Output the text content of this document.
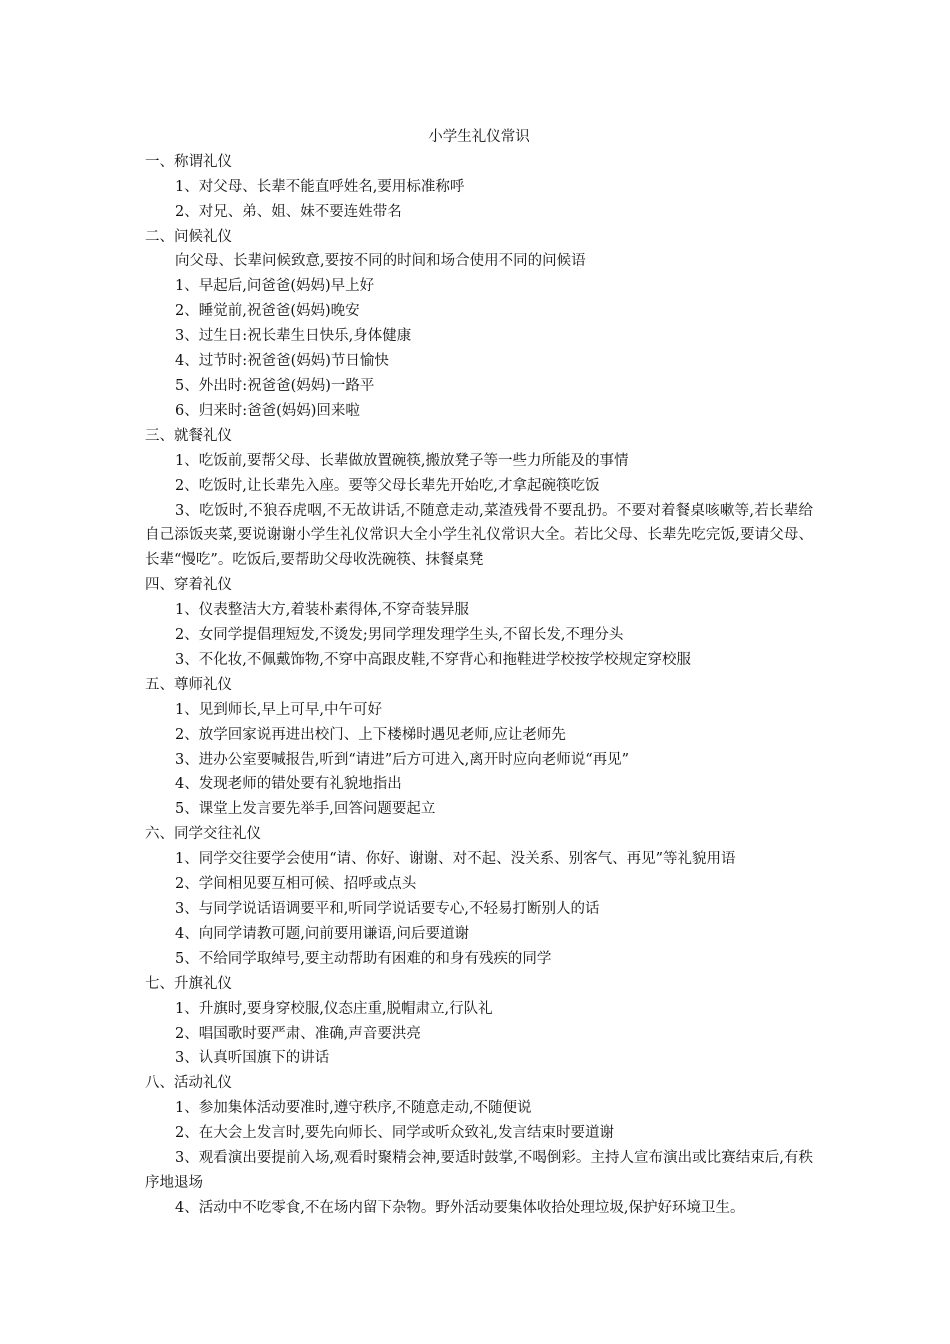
小学生礼仪常识
一、称谓礼仪

1、对父母、长辈不能直呼姓名,要用标准称呼

2、对兄、弟、姐、妹不要连姓带名

二、问候礼仪

向父母、长辈问候致意,要按不同的时间和场合使用不同的问候语

1、早起后,问爸爸(妈妈)早上好

2、睡觉前,祝爸爸(妈妈)晚安

3、过生日:祝长辈生日快乐,身体健康

4、过节时:祝爸爸(妈妈)节日愉快

5、外出时:祝爸爸(妈妈)一路平

6、归来时:爸爸(妈妈)回来啦

三、就餐礼仪

1、吃饭前,要帮父母、长辈做放置碗筷,搬放凳子等一些力所能及的事情

2、吃饭时,让长辈先入座。要等父母长辈先开始吃,才拿起碗筷吃饭

3、吃饭时,不狼吞虎咽,不无故讲话,不随意走动,菜渣残骨不要乱扔。不要对着餐桌咳嗽等,若长辈给自己添饭夹菜,要说谢谢小学生礼仪常识大全小学生礼仪常识大全。若比父母、长辈先吃完饭,要请父母、长辈“慢吃”。吃饭后,要帮助父母收洗碗筷、抹餐桌凳

四、穿着礼仪

1、仪表整洁大方,着装朴素得体,不穿奇装异服

2、女同学提倡理短发,不烫发;男同学理发理学生头,不留长发,不理分头

3、不化妆,不佩戴饰物,不穿中高跟皮鞋,不穿背心和拖鞋进学校按学校规定穿校服

五、尊师礼仪

1、见到师长,早上可早,中午可好

2、放学回家说再进出校门、上下楼梯时遇见老师,应让老师先

3、进办公室要喊报告,听到“请进”后方可进入,离开时应向老师说“再见”

4、发现老师的错处要有礼貌地指出

5、课堂上发言要先举手,回答问题要起立

六、同学交往礼仪

1、同学交往要学会使用“请、你好、谢谢、对不起、没关系、别客气、再见”等礼貌用语

2、学间相见要互相可候、招呼或点头

3、与同学说话语调要平和,听同学说话要专心,不轻易打断别人的话

4、向同学请教可题,问前要用谦语,问后要道谢

5、不给同学取绰号,要主动帮助有困难的和身有残疾的同学

七、升旗礼仪

1、升旗时,要身穿校服,仪态庄重,脱帽肃立,行队礼

2、唱国歌时要严肃、准确,声音要洪亮

3、认真听国旗下的讲话

八、活动礼仪

1、参加集体活动要准时,遵守秩序,不随意走动,不随便说

2、在大会上发言时,要先向师长、同学或听众致礼,发言结束时要道谢

3、观看演出要提前入场,观看时聚精会神,要适时鼓掌,不喝倒彩。主持人宣布演出或比赛结束后,有秩序地退场

4、活动中不吃零食,不在场内留下杂物。野外活动要集体收拾处理垃圾,保护好环境卫生。
